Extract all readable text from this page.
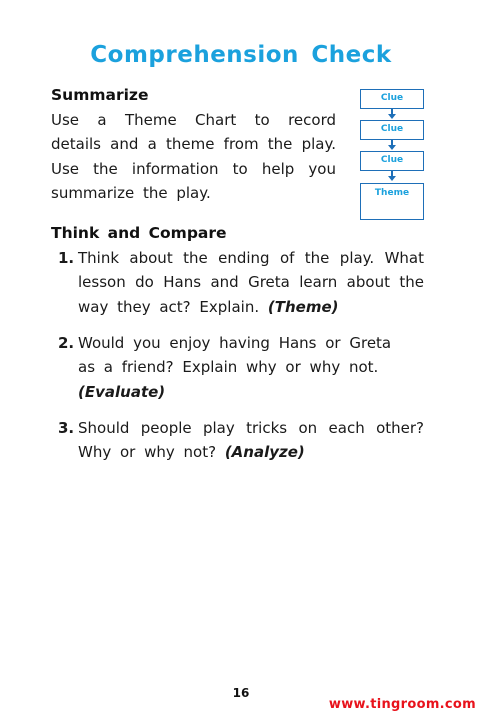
Comprehension Check
Summarize
Use a Theme Chart to record
details and a theme from the play.
Use the information to help you
summarize the play.
Clue
Clue
Clue
Theme
Think and Compare
1. Think about the ending of the play. What
lesson do Hans and Greta learn about the
way they act? Explain. (Theme)
2. Would you enjoy having Hans or Greta
as a friend? Explain why or why not.
(Evaluate)
3. Should people play tricks on each other?
Why or why not? (Analyze)
16
www.tingroom.com
